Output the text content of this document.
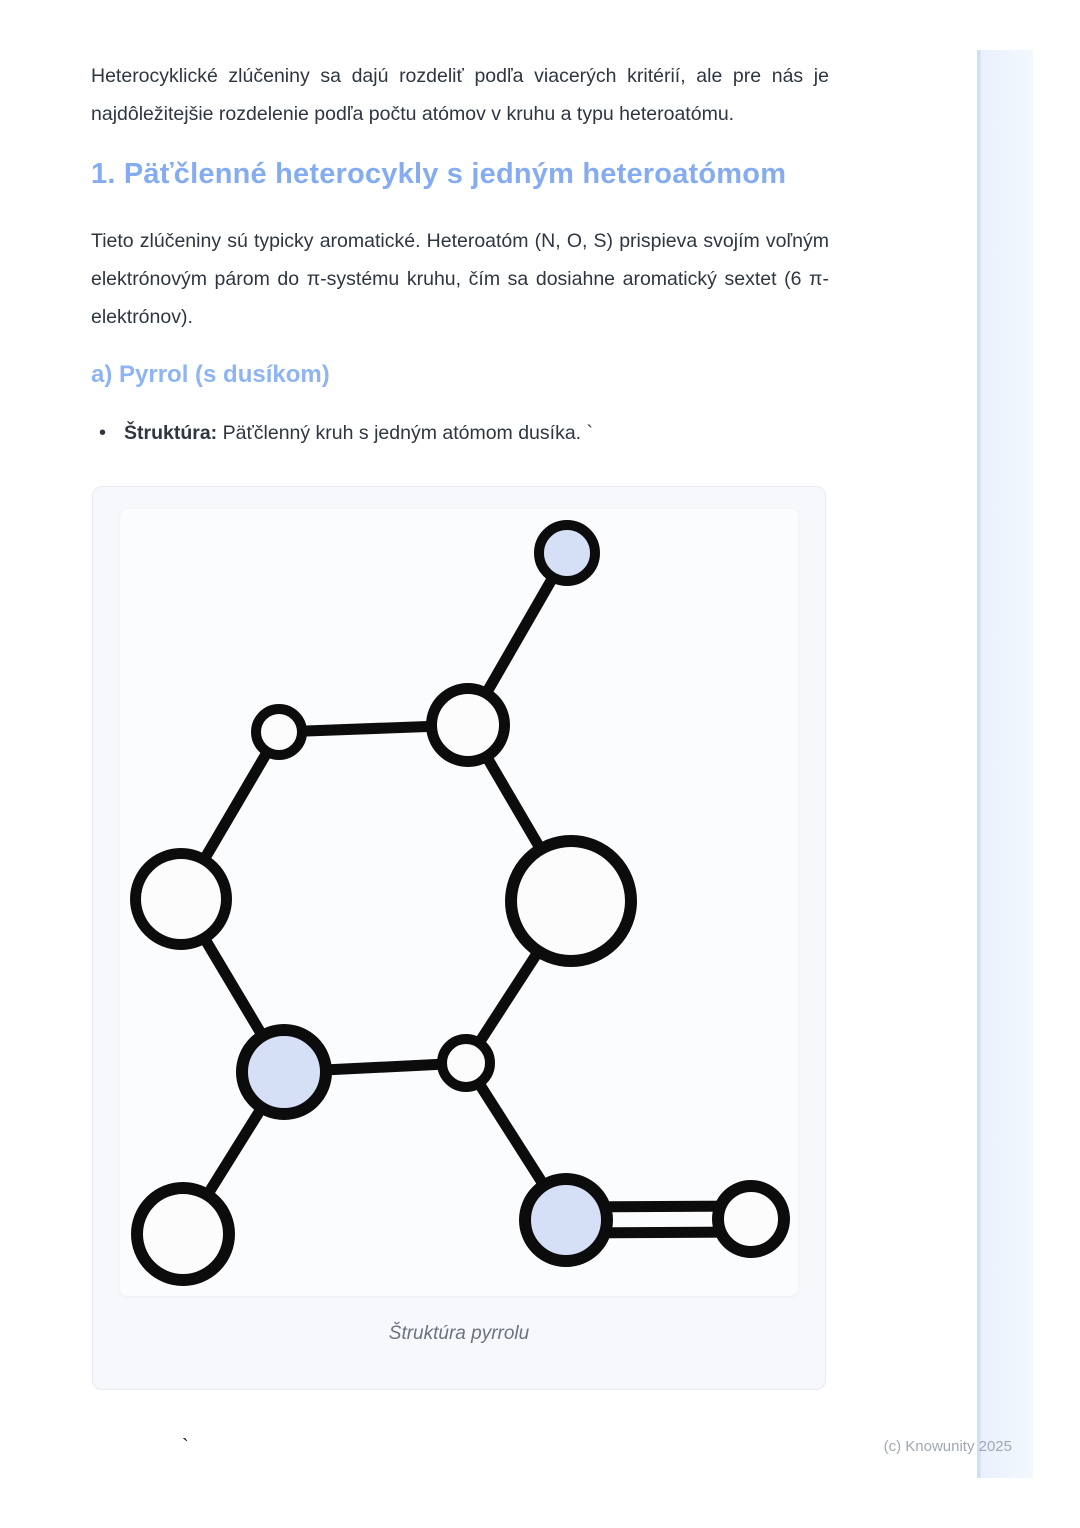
Heterocyklické zlúčeniny sa dajú rozdeliť podľa viacerých kritérií, ale pre nás je najdôležitejšie rozdelenie podľa počtu atómov v kruhu a typu heteroatómu.

1. Päťčlenné heterocykly s jedným heteroatómom

Tieto zlúčeniny sú typicky aromatické. Heteroatóm (N, O, S) prispieva svojím voľným elektrónovým párom do π-systému kruhu, čím sa dosiahne aromatický sextet (6 π-elektrónov).

a) Pyrrol (s dusíkom)
• Štruktúra: Päťčlenný kruh s jedným atómom dusíka. `
Štruktúra pyrrolu
`	(c) Knowunity 2025
